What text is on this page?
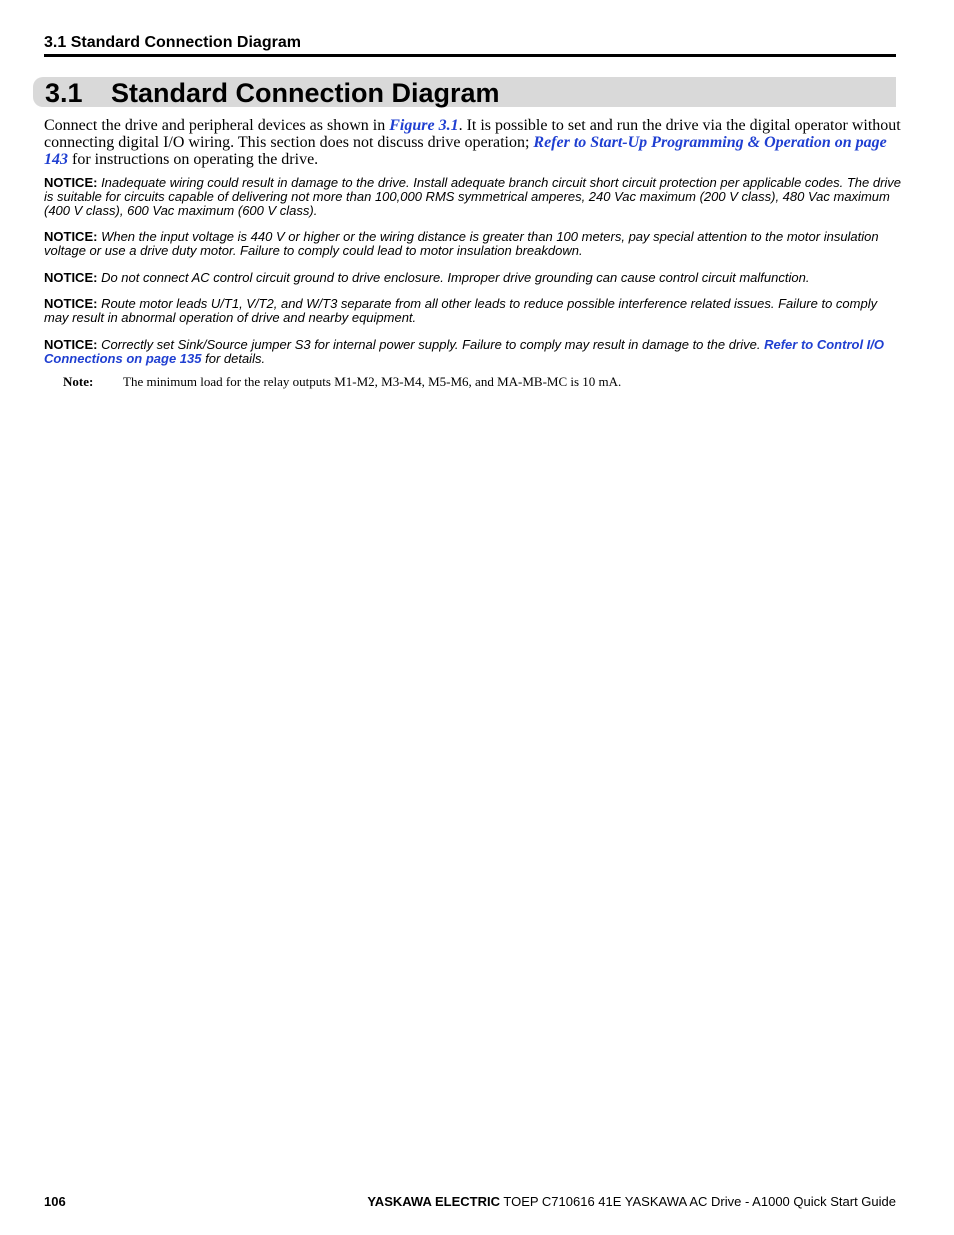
3.1 Standard Connection Diagram
3.1 Standard Connection Diagram

Connect the drive and peripheral devices as shown in Figure 3.1. It is possible to set and run the drive via the digital operator without connecting digital I/O wiring. This section does not discuss drive operation; Refer to Start-Up Programming & Operation on page 143 for instructions on operating the drive.

NOTICE: Inadequate wiring could result in damage to the drive. Install adequate branch circuit short circuit protection per applicable codes. The drive is suitable for circuits capable of delivering not more than 100,000 RMS symmetrical amperes, 240 Vac maximum (200 V class), 480 Vac maximum (400 V class), 600 Vac maximum (600 V class).

NOTICE: When the input voltage is 440 V or higher or the wiring distance is greater than 100 meters, pay special attention to the motor insulation voltage or use a drive duty motor. Failure to comply could lead to motor insulation breakdown.

NOTICE: Do not connect AC control circuit ground to drive enclosure. Improper drive grounding can cause control circuit malfunction.

NOTICE: Route motor leads U/T1, V/T2, and W/T3 separate from all other leads to reduce possible interference related issues. Failure to comply may result in abnormal operation of drive and nearby equipment.

NOTICE: Correctly set Sink/Source jumper S3 for internal power supply. Failure to comply may result in damage to the drive. Refer to Control I/O Connections on page 135 for details.

Note: The minimum load for the relay outputs M1-M2, M3-M4, M5-M6, and MA-MB-MC is 10 mA.
106	YASKAWA ELECTRIC TOEP C710616 41E YASKAWA AC Drive - A1000 Quick Start Guide
